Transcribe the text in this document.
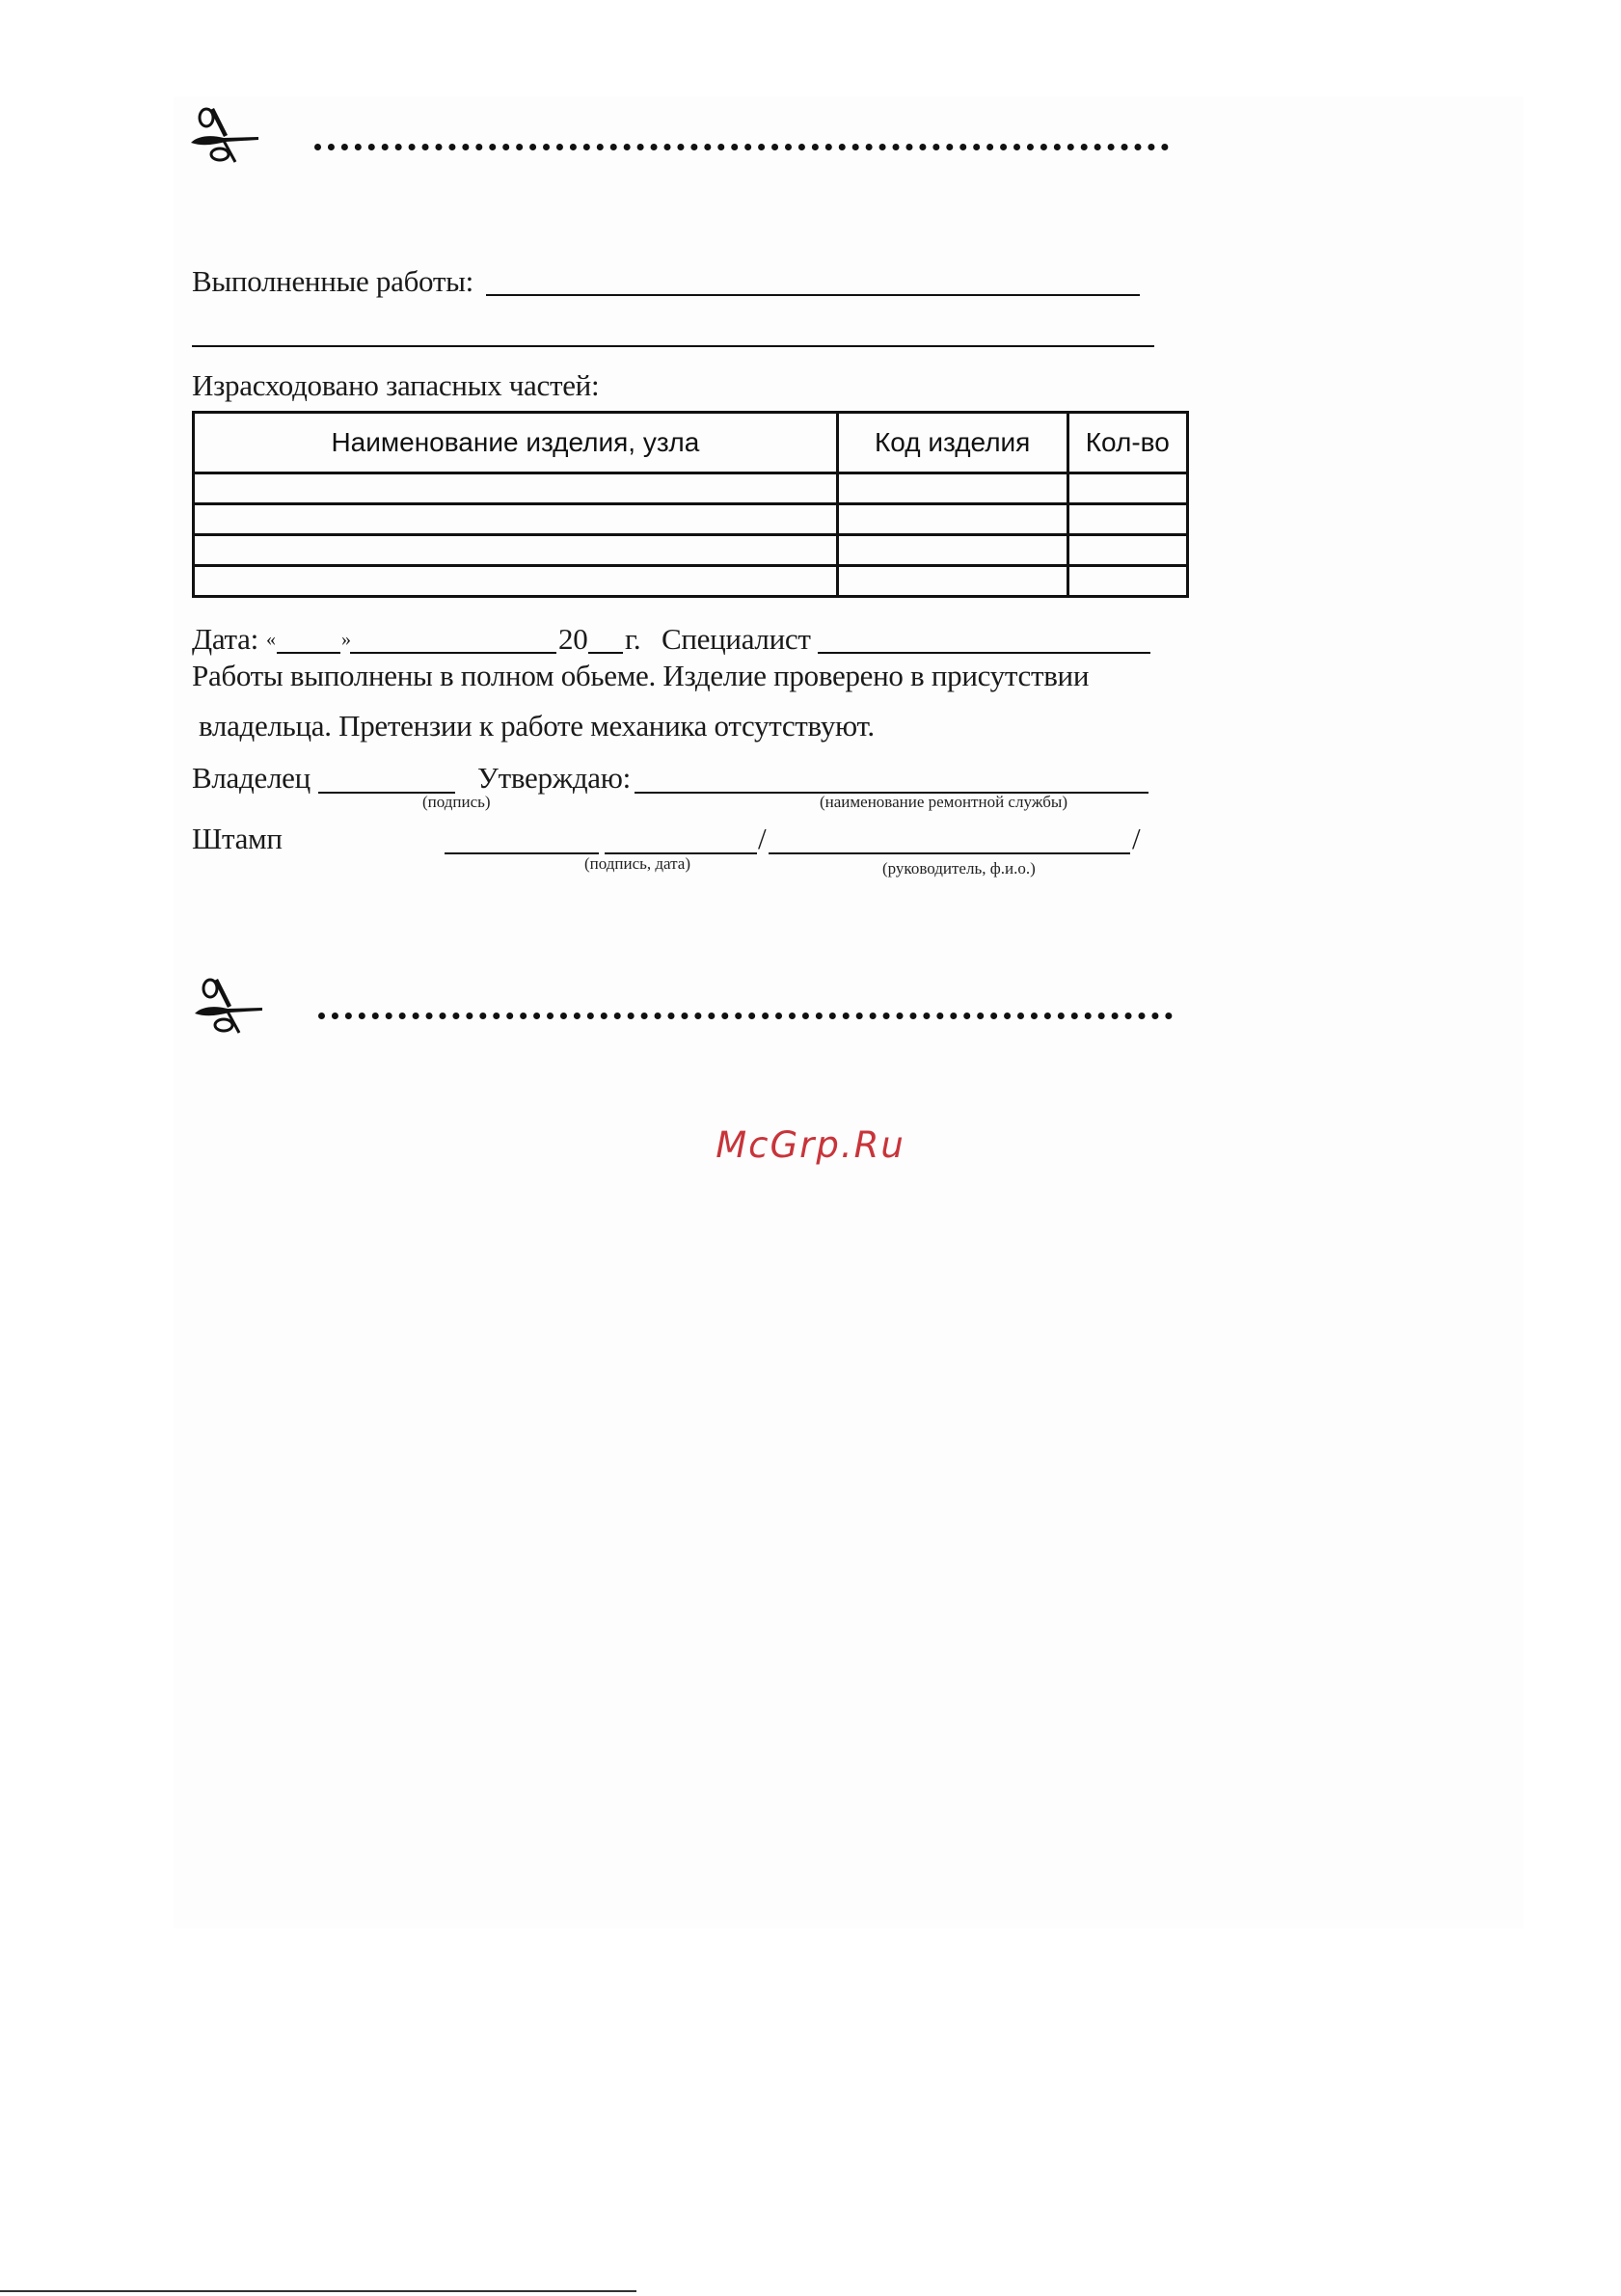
Выполненные работы:
Израсходовано запасных частей:
Наименование изделия, узла	Код изделия	Кол-во

Дата: «	»	20 г. Специалист
Работы выполнены в полном обьеме. Изделие проверено в присутствии
владельца. Претензии к работе механика отсутствуют.
Владелец
(подпись)
Утверждаю:
(наименование ремонтной службы)
Штамп	/	/
(подпись, дата)	(руководитель, ф.и.о.)
McGrp.Ru
